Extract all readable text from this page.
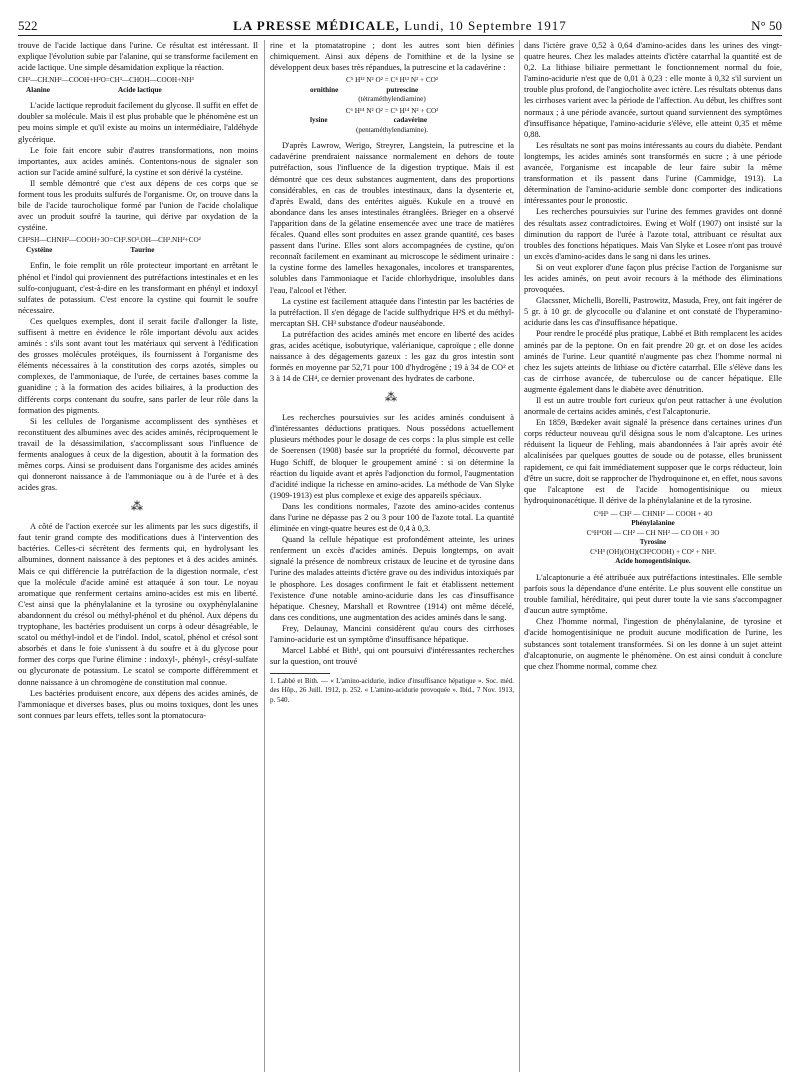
522	LA PRESSE MÉDICALE, Lundi, 10 Septembre 1917	N° 50

trouve de l'acide lactique dans l'urine. Ce résultat est intéressant. Il explique l'évolution subie par l'alanine, qui se transforme facilement en acide lactique. Une simple désamidation explique la réaction.

CH³—CH.NH²—COOH+H²O=CH³—CHOH—COOH+NH³
Alanine	Acide lactique

L'acide lactique reproduit facilement du glycose. Il suffit en effet de doubler sa molécule. Mais il est plus probable que le phénomène est un peu moins simple et qu'il existe au moins un intermédiaire, l'aldéhyde glycérique.

Le foie fait encore subir d'autres transformations, non moins importantes, aux acides aminés. Contentons-nous de signaler son action sur l'acide aminé sulfuré, la cystine et son dérivé la cystéine.

Il semble démontré que c'est aux dépens de ces corps que se forment tous les produits sulfurés de l'organisme. Or, on trouve dans la bile de l'acide taurocholique formé par l'union de l'acide cholalique avec un produit soufré la taurine, qui dérive par oxydation de la cystéine.

CH²SH—CHNH²—COOH+3O=CH².SO³.OH—CH².NH²+CO²
Cystéine	Taurine

Enfin, le foie remplit un rôle protecteur important en arrêtant le phénol et l'indol qui proviennent des putréfactions intestinales et en les sulfo-conjuguant, c'est-à-dire en les transformant en phényl et indoxyl sulfates de potassium. C'est encore la cystine qui fournit le soufre nécessaire.

Ces quelques exemples, dont il serait facile d'allonger la liste, suffisent à mettre en évidence le rôle important dévolu aux acides aminés : s'ils sont avant tout les matériaux qui servent à l'édification des grosses molécules protéiques, ils fournissent à l'organisme des éléments nécessaires à la constitution des corps azotés, simples ou complexes, de l'ammoniaque, de l'urée, de certaines bases comme la guanidine ; à la formation des acides biliaires, à la production des différents corps contenant du soufre, sans parler de leur rôle dans la formation des pigments.

Si les cellules de l'organisme accomplissent des synthèses et reconstituent des albumines avec des acides aminés, réciproquement le travail de la désassimilation, s'accomplissant sous l'influence de ferments analogues à ceux de la digestion, aboutit à la formation des mêmes corps. Ainsi se produisent dans l'organisme des acides aminés qui donneront naissance à de l'ammoniaque ou à de l'urée et à des acides gras.

⁂

A côté de l'action exercée sur les aliments par les sucs digestifs, il faut tenir grand compte des modifications dues à l'intervention des bactéries. Celles-ci sécrètent des ferments qui, en hydrolysant les albumines, donnent naissance à des peptones et à des acides aminés. Mais ce qui différencie la putréfaction de la digestion normale, c'est que la molécule d'acide aminé est attaquée à son tour. Le noyau aromatique que renferment certains amino-acides est mis en liberté. C'est ainsi que la phénylalanine et la tyrosine ou oxyphénylalanine abandonnent du crésol ou méthyl-phénol et du phénol. Aux dépens du tryptophane, les bactéries produisent un corps à odeur désagréable, le scatol ou méthyl-indol et de l'indol. Indol, scatol, phénol et crésol sont absorbés et dans le foie s'unissent à du soufre et à du glycose pour former des corps que l'urine élimine : indoxyl-, phényl-, crésyl-sulfate ou glycuronate de potassium. Le scatol se comporte différemment et donne naissance à un chromogène de constitution mal connue.

Les bactéries produisent encore, aux dépens des acides aminés, de l'ammoniaque et diverses bases, plus ou moins toxiques, dont les unes sont connues par leurs effets, telles sont la ptomatocura-

rine et la ptomatatropine ; dont les autres sont bien définies chimiquement. Ainsi aux dépens de l'ornithine et de la lysine se développent deux bases très répandues, la putrescine et la cadavérine :

C⁵ H¹² N² O² = C⁴ H¹² N² + CO²
ornithine	putrescine
(tétraméthylendiamine)
C⁶ H¹⁴ N² O² = C⁵ H¹⁴ N² + CO²
lysine	cadavérine
(pentaméthylendiamine).

D'après Lawrow, Werigo, Streyrer, Langstein, la putrescine et la cadavérine prendraient naissance normalement en dehors de toute putréfaction, sous l'influence de la digestion tryptique. Mais il est démontré que ces deux substances augmentent, dans des proportions considérables, en cas de troubles intestinaux, dans la dysenterie et, d'après Ewald, dans des entérites aiguës. Kukule en a trouvé en abondance dans les anses intestinales étranglées. Brieger en a observé l'apparition dans de la gélatine ensemencée avec une trace de matières fécales. Quand elles sont produites en assez grande quantité, ces bases passent dans l'urine. Elles sont alors accompagnées de cystine, qu'on reconnaît facilement en examinant au microscope le sédiment urinaire : la cystine forme des lamelles hexagonales, incolores et transparentes, solubles dans l'ammoniaque et l'acide chlorhydrique, insolubles dans l'eau, l'alcool et l'éther.

La cystine est facilement attaquée dans l'intestin par les bactéries de la putréfaction. Il s'en dégage de l'acide sulfhydrique H²S et du méthyl-mercaptan SH. CH³ substance d'odeur nauséabonde.

La putréfaction des acides aminés met encore en liberté des acides gras, acides acétique, isobutyrique, valérianique, caproïque ; elle donne naissance à des dégagements gazeux : les gaz du gros intestin sont formés en moyenne par 52,71 pour 100 d'hydrogène ; 19 à 34 de CO² et 3 à 14 de CH⁴, ce dernier provenant des hydrates de carbone.

⁂

Les recherches poursuivies sur les acides aminés conduisent à d'intéressantes déductions pratiques. Nous possédons actuellement plusieurs méthodes pour le dosage de ces corps : la plus simple est celle de Soerensen (1908) basée sur la propriété du formol, découverte par Hugo Schiff, de bloquer le groupement aminé : si on détermine la réaction du liquide avant et après l'adjonction du formol, l'augmentation d'acidité indique la richesse en amino-acides. La méthode de Van Slyke (1909-1913) est plus complexe et exige des appareils spéciaux.

Dans les conditions normales, l'azote des amino-acides contenus dans l'urine ne dépasse pas 2 ou 3 pour 100 de l'azote total. La quantité éliminée en vingt-quatre heures est de 0,4 à 0,3.

Quand la cellule hépatique est profondément atteinte, les urines renferment un excès d'acides aminés. Depuis longtemps, on avait signalé la présence de nombreux cristaux de leucine et de tyrosine dans l'urine des malades atteints d'ictère grave ou des individus intoxiqués par le phosphore. Les dosages confirment le fait et établissent nettement l'existence d'une notable amino-acidurie dans les cas d'insuffisance hépatique. Chesney, Marshall et Rowntree (1914) ont même décelé, dans ces conditions, une augmentation des acides aminés dans le sang.

Frey, Delaunay, Mancini considèrent qu'au cours des cirrhoses l'amino-acidurie est un symptôme d'insuffisance hépatique.

Marcel Labbé et Bith¹, qui ont poursuivi d'intéressantes recherches sur la question, ont trouvé

1. Labbé et Bith. — « L'amino-acidurie, indice d'insuffisance hépatique ». Soc. méd. des Hôp., 26 Juill. 1912, p. 252. « L'amino-acidurie provoquée ». Ibid., 7 Nov. 1913, p. 540.

dans l'ictère grave 0,52 à 0,64 d'amino-acides dans les urines des vingt-quatre heures. Chez les malades atteints d'ictère catarrhal la quantité est de 0,2. La lithiase biliaire permettant le fonctionnement normal du foie, l'amino-acidurie n'est que de 0,01 à 0,23 : elle monte à 0,32 s'il survient un trouble plus profond, de l'angiocholite avec ictère. Les résultats obtenus dans les cirrhoses varient avec la période de l'affection. Au début, les chiffres sont normaux ; à une période avancée, surtout quand surviennent des symptômes d'insuffisance hépatique, l'amino-acidurie s'élève, elle atteint 0,35 et même 0,88.

Les résultats ne sont pas moins intéressants au cours du diabète. Pendant longtemps, les acides aminés sont transformés en sucre ; à une période avancée, l'organisme est incapable de leur faire subir la même transformation et ils passent dans l'urine (Cammidge, 1913). La détermination de l'amino-acidurie semble donc comporter des indications intéressantes pour le pronostic.

Les recherches poursuivies sur l'urine des femmes gravides ont donné des résultats assez contradictoires. Ewing et Wolf (1907) ont insisté sur la diminution du rapport de l'urée à l'azote total, attribuant ce résultat aux troubles des fonctions hépatiques. Mais Van Slyke et Losee n'ont pas trouvé un excès d'amino-acides dans le sang ni dans les urines.

Si on veut explorer d'une façon plus précise l'action de l'organisme sur les acides aminés, on peut avoir recours à la méthode des éliminations provoquées.

Glacssner, Michelli, Borelli, Pastrowitz, Masuda, Frey, ont fait ingérer de 5 gr. à 10 gr. de glycocolle ou d'alanine et ont constaté de l'hyperamino-acidurie dans les cas d'insuffisance hépatique.

Pour rendre le procédé plus pratique, Labbé et Bith remplacent les acides aminés par de la peptone. On en fait prendre 20 gr. et on dose les acides aminés de l'urine. Leur quantité n'augmente pas chez l'homme normal ni chez les sujets atteints de lithiase ou d'ictère catarrhal. Elle s'élève dans les cas de cirrhose avancée, de tuberculose ou de cancer hépatique. Elle augmente également dans le diabète avec dénutrition.

Il est un autre trouble fort curieux qu'on peut rattacher à une évolution anormale de certains acides aminés, c'est l'alcaptonurie.

En 1859, Bœdeker avait signalé la présence dans certaines urines d'un corps réducteur nouveau qu'il désigna sous le nom d'alcaptone. Les urines réduisent la liqueur de Fehling, mais abandonnées à l'air après avoir été alcalinisées par quelques gouttes de soude ou de potasse, elles brunissent rapidement, ce qui fait immédiatement supposer que le corps réducteur, loin d'être un sucre, doit se rapprocher de l'hydroquinone et, en effet, nous savons que l'alcaptone est de l'acide homogentisinique ou mieux hydroquinonacétique. Il dérive de la phénylalanine et de la tyrosine.

C⁶H⁵ — CH² — CHNH² — COOH + 4O
Phénylalanine
C⁶H⁴OH — CH² — CH NH² — CO OH + 3O
Tyrosine
C⁶H³ (OH)(OH)(CH²COOH) + CO² + NH³.
Acide homogentisinique.

L'alcaptonurie a été attribuée aux putréfactions intestinales. Elle semble parfois sous la dépendance d'une entérite. Le plus souvent elle constitue un trouble familial, héréditaire, qui peut durer toute la vie sans s'accompagner d'aucun autre symptôme.

Chez l'homme normal, l'ingestion de phénylalanine, de tyrosine et d'acide homogentisinique ne produit aucune modification de l'urine, les substances sont totalement transformées. Si on les donne à un sujet atteint d'alcaptonurie, on augmente le phénomène. On est ainsi conduit à conclure que chez l'homme normal, comme chez
